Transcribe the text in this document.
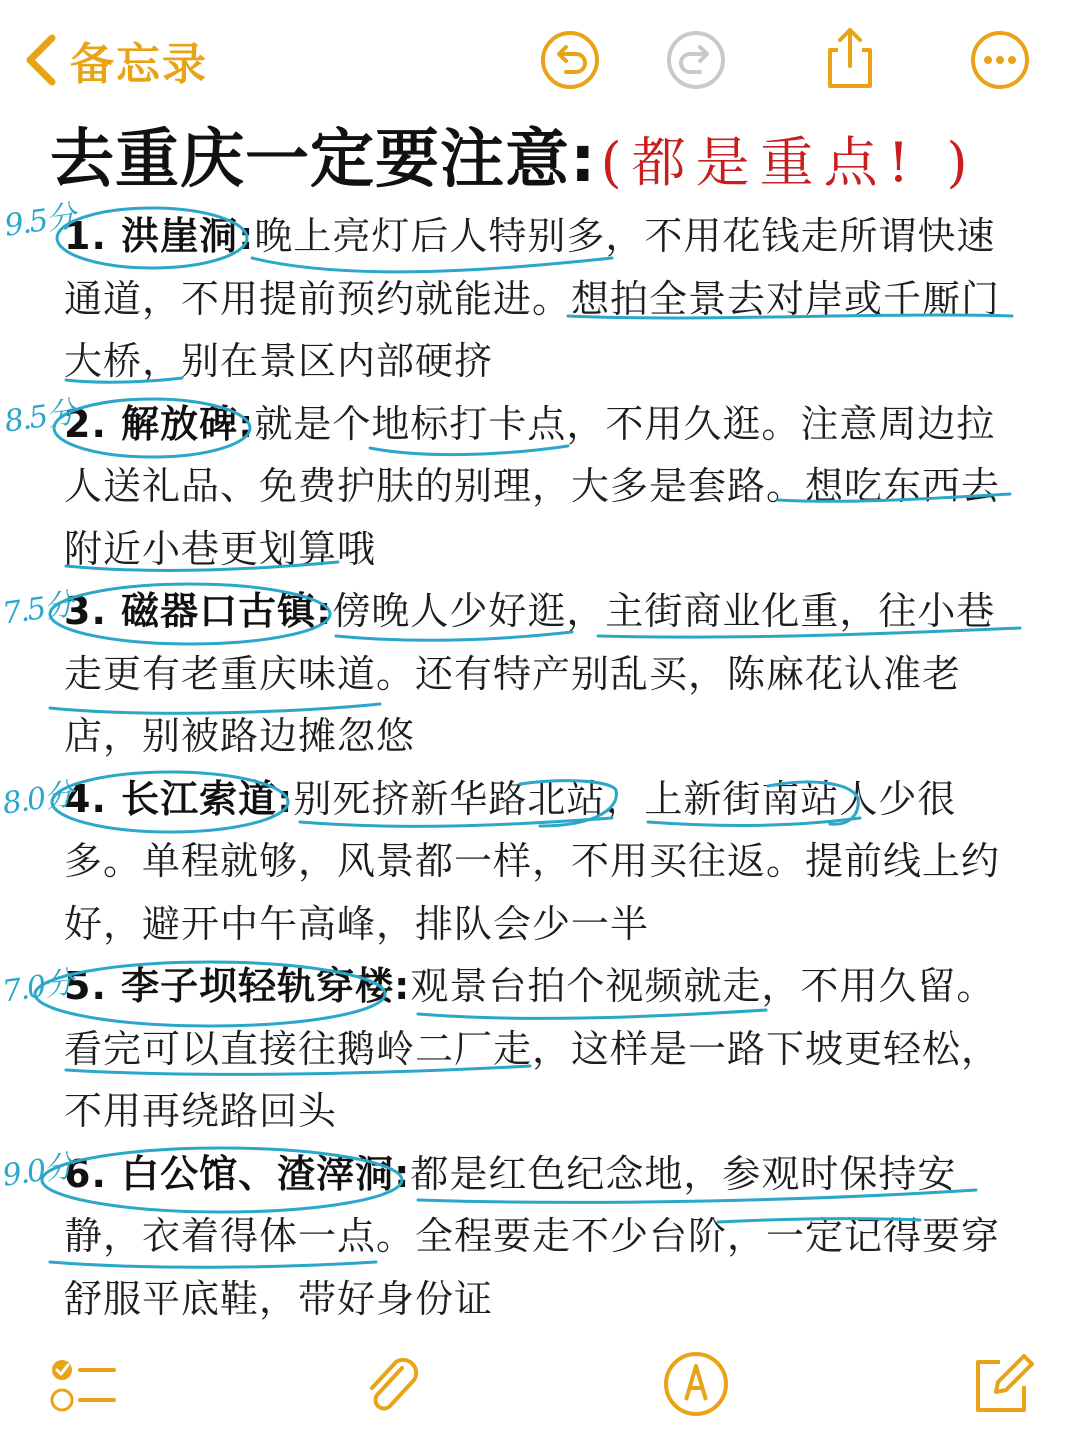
备忘录
去重庆一定要注意: (都是重点! )
1. 洪崖洞:晚上亮灯后人特别多，不用花钱走所谓快速通道，不用提前预约就能进。想拍全景去对岸或千厮门大桥，别在景区内部硬挤
2. 解放碑:就是个地标打卡点，不用久逛。注意周边拉人送礼品、免费护肤的别理，大多是套路。想吃东西去附近小巷更划算哦
3. 磁器口古镇:傍晚人少好逛，主街商业化重，往小巷走更有老重庆味道。还有特产别乱买，陈麻花认准老店，别被路边摊忽悠
4. 长江索道:别死挤新华路北站，上新街南站人少很多。单程就够，风景都一样，不用买往返。提前线上约好，避开中午高峰，排队会少一半
5. 李子坝轻轨穿楼:观景台拍个视频就走，不用久留。看完可以直接往鹅岭二厂走，这样是一路下坡更轻松，不用再绕路回头
6. 白公馆、渣滓洞:都是红色纪念地，参观时保持安静，衣着得体一点。全程要走不少台阶，一定记得要穿舒服平底鞋，带好身份证
9.5分
8.5分
7.5分
8.0分
7.0分
9.0分
